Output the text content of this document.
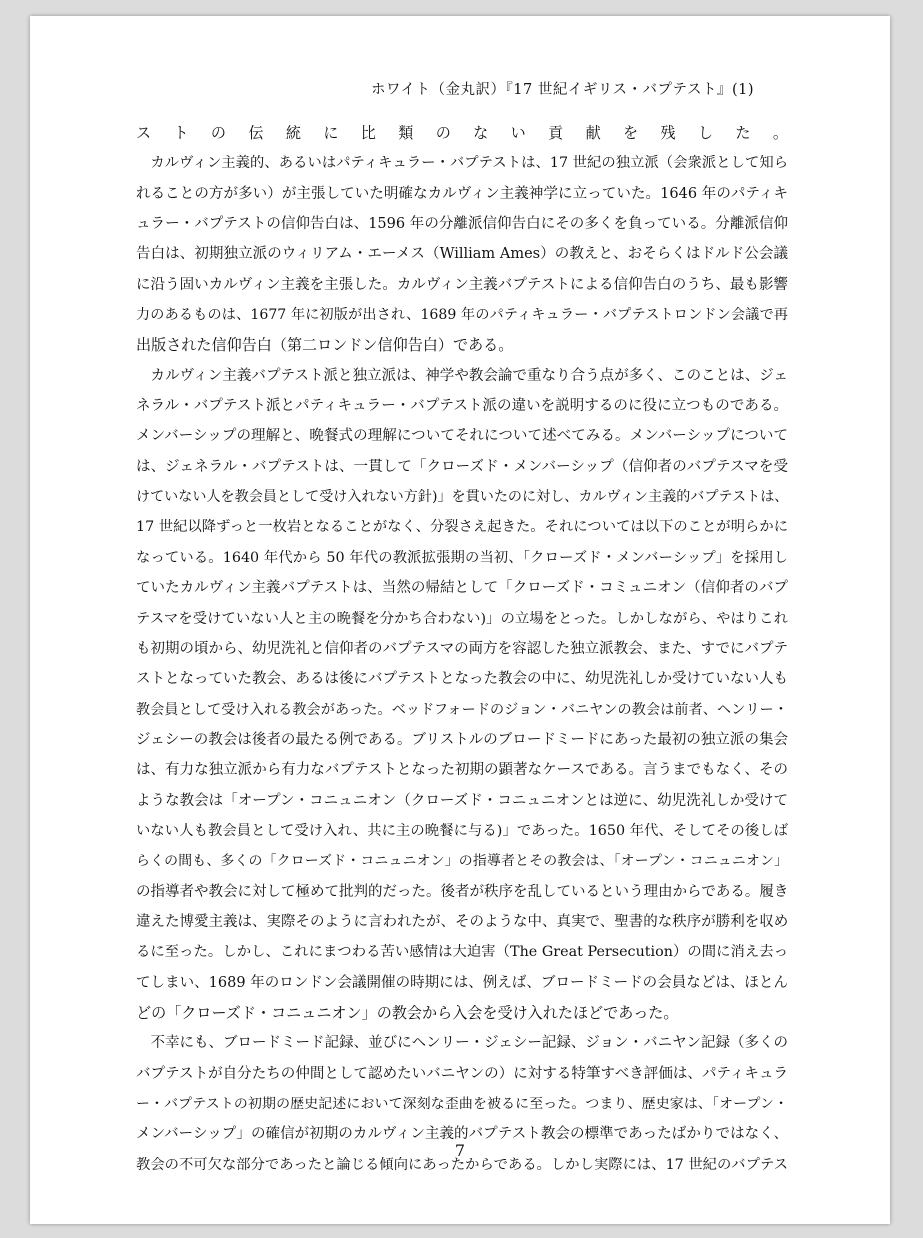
ホワイト（金丸訳）『17 世紀イギリス・バプテスト』(1)
ストの伝統に比類のない貢献を残した。
　カルヴィン主義的、あるいはパティキュラー・バプテストは、17 世紀の独立派（会衆派として知ら
れることの方が多い）が主張していた明確なカルヴィン主義神学に立っていた。1646 年のパティキ
ュラー・バプテストの信仰告白は、1596 年の分離派信仰告白にその多くを負っている。分離派信仰
告白は、初期独立派のウィリアム・エーメス（William Ames）の教えと、おそらくはドルド公会議
に沿う固いカルヴィン主義を主張した。カルヴィン主義バプテストによる信仰告白のうち、最も影響
力のあるものは、1677 年に初版が出され、1689 年のパティキュラー・バプテストロンドン会議で再
出版された信仰告白（第二ロンドン信仰告白）である。
　カルヴィン主義バプテスト派と独立派は、神学や教会論で重なり合う点が多く、このことは、ジェ
ネラル・バプテスト派とパティキュラー・バプテスト派の違いを説明するのに役に立つものである。
メンバーシップの理解と、晩餐式の理解についてそれについて述べてみる。メンバーシップについて
は、ジェネラル・バプテストは、一貫して「クローズド・メンバーシップ（信仰者のバプテスマを受
けていない人を教会員として受け入れない方針)」を貫いたのに対し、カルヴィン主義的バプテストは、
17 世紀以降ずっと一枚岩となることがなく、分裂さえ起きた。それについては以下のことが明らかに
なっている。1640 年代から 50 年代の教派拡張期の当初、「クローズド・メンバーシップ」を採用し
ていたカルヴィン主義バプテストは、当然の帰結として「クローズド・コミュニオン（信仰者のバプ
テスマを受けていない人と主の晩餐を分かち合わない)」の立場をとった。しかしながら、やはりこれ
も初期の頃から、幼児洗礼と信仰者のバプテスマの両方を容認した独立派教会、また、すでにバプテ
ストとなっていた教会、あるは後にバプテストとなった教会の中に、幼児洗礼しか受けていない人も
教会員として受け入れる教会があった。ベッドフォードのジョン・バニヤンの教会は前者、ヘンリー・
ジェシーの教会は後者の最たる例である。ブリストルのブロードミードにあった最初の独立派の集会
は、有力な独立派から有力なバプテストとなった初期の顕著なケースである。言うまでもなく、その
ような教会は「オープン・コニュニオン（クローズド・コニュニオンとは逆に、幼児洗礼しか受けて
いない人も教会員として受け入れ、共に主の晩餐に与る)」であった。1650 年代、そしてその後しば
らくの間も、多くの「クローズド・コニュニオン」の指導者とその教会は、「オープン・コニュニオン」
の指導者や教会に対して極めて批判的だった。後者が秩序を乱しているという理由からである。履き
違えた博愛主義は、実際そのように言われたが、そのような中、真実で、聖書的な秩序が勝利を収め
るに至った。しかし、これにまつわる苦い感情は大迫害（The Great Persecution）の間に消え去っ
てしまい、1689 年のロンドン会議開催の時期には、例えば、ブロードミードの会員などは、ほとん
どの「クローズド・コニュニオン」の教会から入会を受け入れたほどであった。
　不幸にも、ブロードミード記録、並びにヘンリー・ジェシー記録、ジョン・バニヤン記録（多くの
バプテストが自分たちの仲間として認めたいバニヤンの）に対する特筆すべき評価は、パティキュラ
ー・バプテストの初期の歴史記述において深刻な歪曲を被るに至った。つまり、歴史家は、「オープン・
メンバーシップ」の確信が初期のカルヴィン主義的バプテスト教会の標準であったばかりではなく、
教会の不可欠な部分であったと論じる傾向にあったからである。しかし実際には、17 世紀のバプテス
7
